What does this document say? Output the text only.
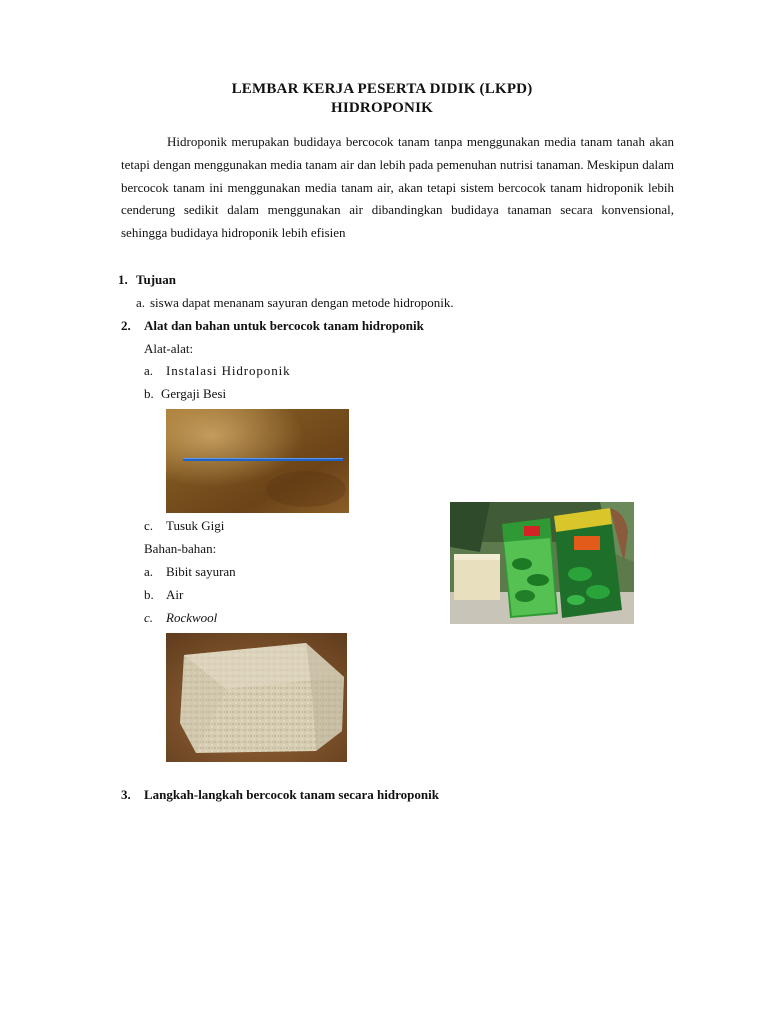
LEMBAR KERJA PESERTA DIDIK (LKPD)
HIDROPONIK

Hidroponik merupakan budidaya bercocok tanam tanpa menggunakan media tanam tanah akan tetapi dengan menggunakan media tanam air dan lebih pada pemenuhan nutrisi tanaman. Meskipun dalam bercocok tanam ini menggunakan media tanam air, akan tetapi sistem bercocok tanam hidroponik lebih cenderung sedikit dalam menggunakan air dibandingkan budidaya tanaman secara konvensional, sehingga budidaya hidroponik lebih efisien

1. Tujuan
a. siswa dapat menanam sayuran dengan metode hidroponik.
2. Alat dan bahan untuk bercocok tanam hidroponik
Alat-alat:
a. Instalasi Hidroponik
b. Gergaji Besi
c. Tusuk Gigi
Bahan-bahan:
a. Bibit sayuran
b. Air
c. Rockwool
3. Langkah-langkah bercocok tanam secara hidroponik
